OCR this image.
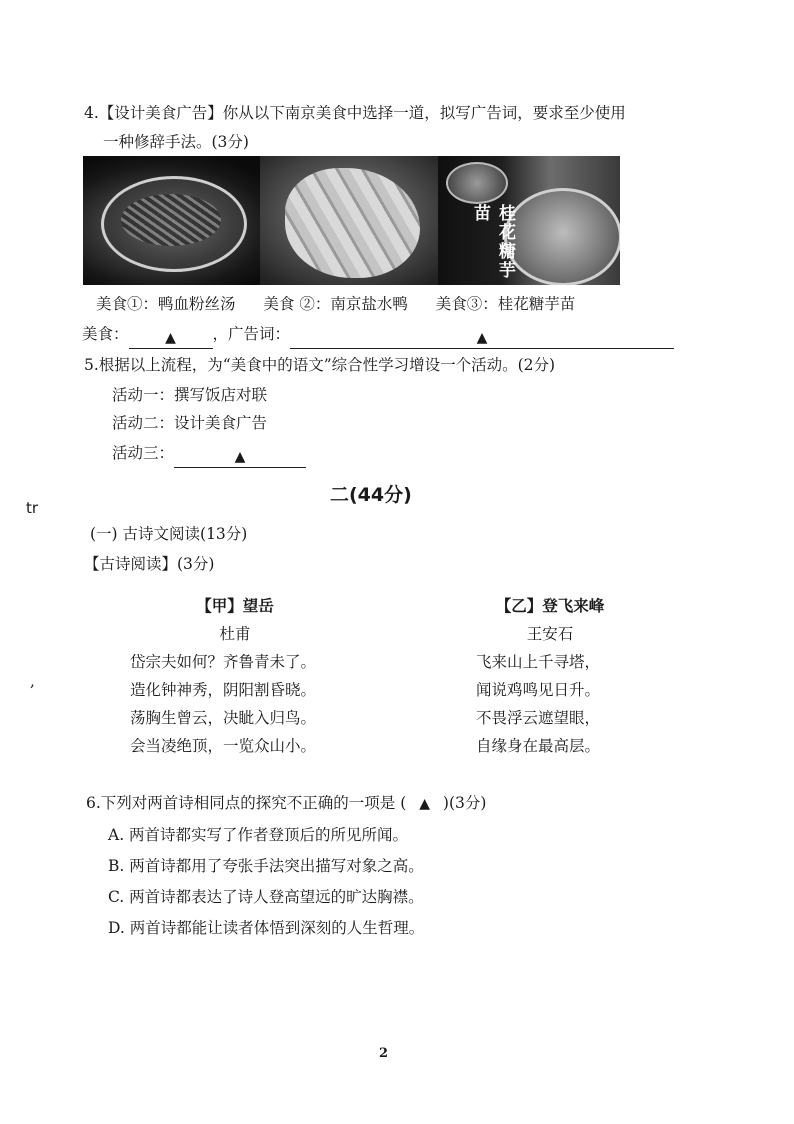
4.【设计美食广告】你从以下南京美食中选择一道，拟写广告词，要求至少使用
一种修辞手法。(3分)
桂花糖芋苗
美食①：鸭血粉丝汤 美食 ②：南京盐水鸭 美食③：桂花糖芋苗
美食：	▲ ，广告词：	▲
5.根据以上流程，为“美食中的语文”综合性学习增设一个活动。(2分)
活动一：撰写饭店对联
活动二：设计美食广告
活动三：	▲
二(44分)
tr
(一) 古诗文阅读(13分)
【古诗阅读】(3分)
【甲】望岳
杜甫
岱宗夫如何？齐鲁青未了。
造化钟神秀，阴阳割昏晓。
荡胸生曾云，决眦入归鸟。
会当凌绝顶，一览众山小。
,
【乙】登飞来峰
王安石
飞来山上千寻塔，
闻说鸡鸣见日升。
不畏浮云遮望眼，
自缘身在最高层。
6.下列对两首诗相同点的探究不正确的一项是 ( ▲ )(3分)
A. 两首诗都实写了作者登顶后的所见所闻。
B. 两首诗都用了夸张手法突出描写对象之高。
C. 两首诗都表达了诗人登高望远的旷达胸襟。
D. 两首诗都能让读者体悟到深刻的人生哲理。
2
